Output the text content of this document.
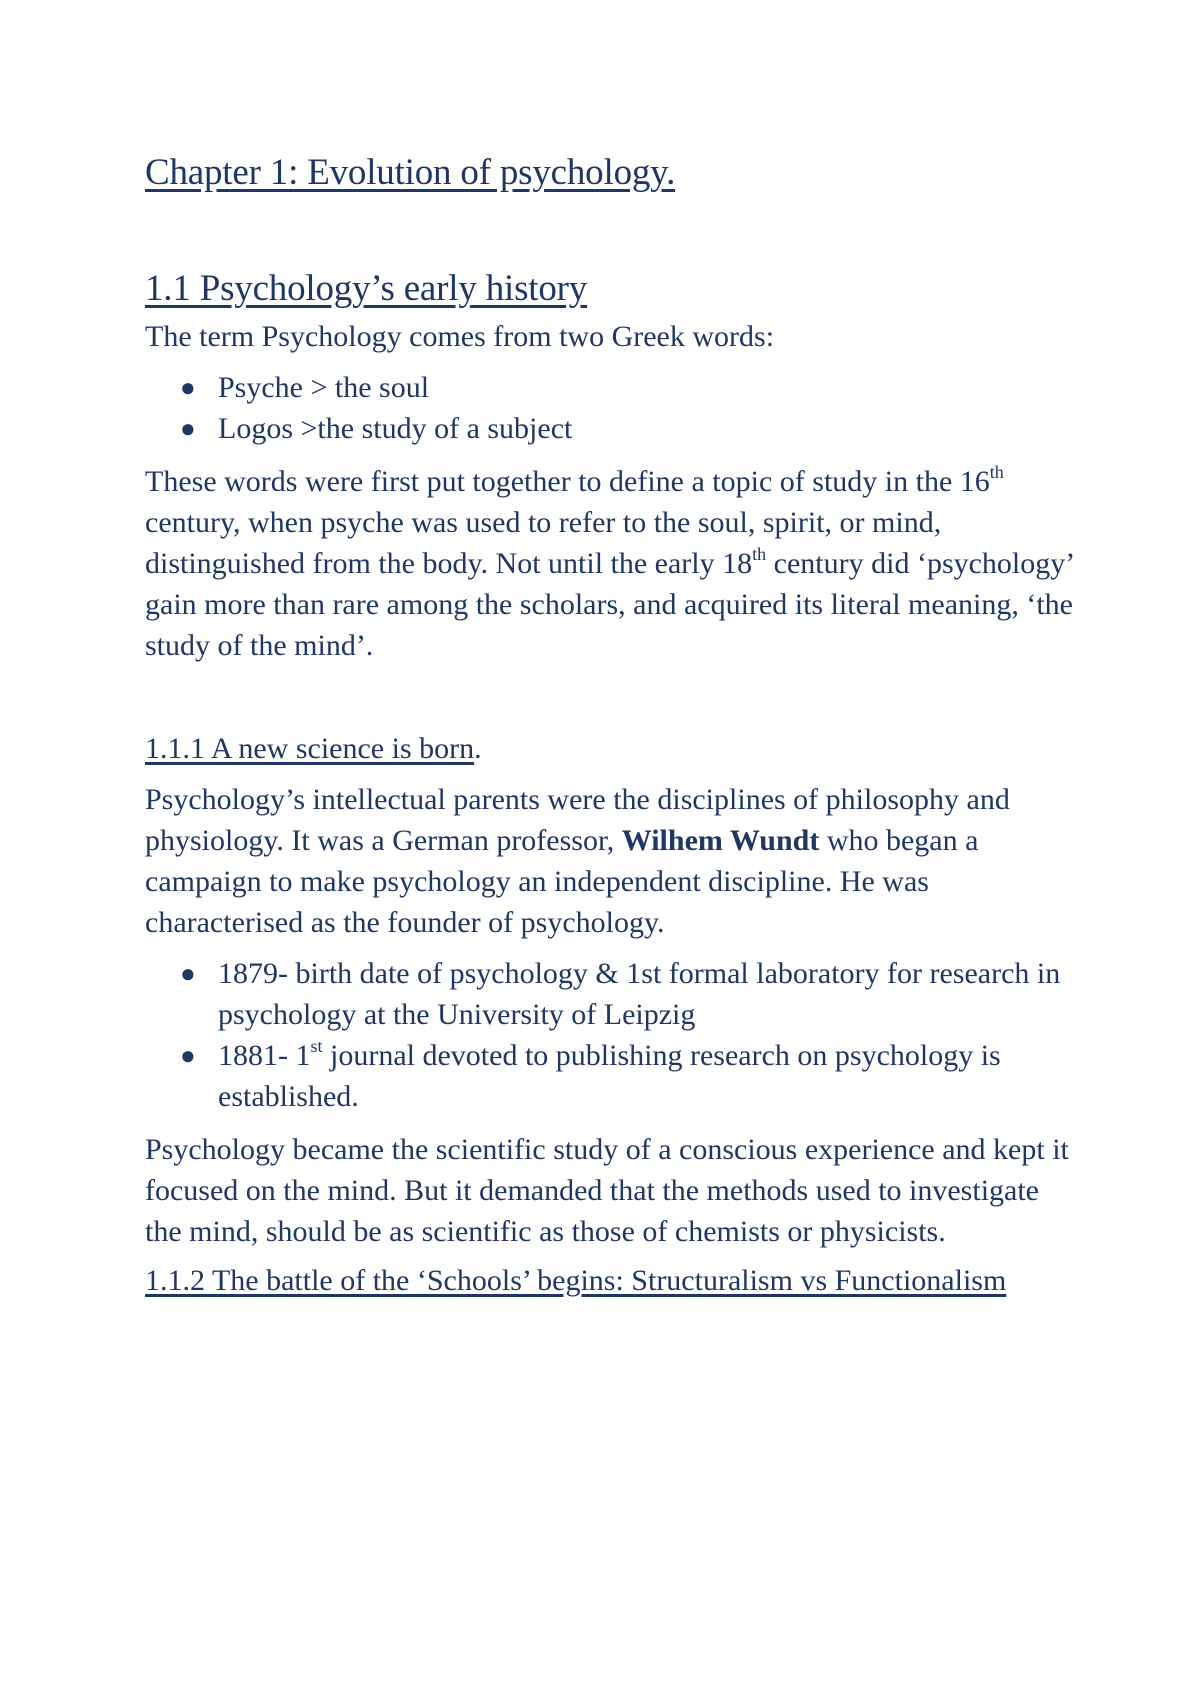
Chapter 1: Evolution of psychology.
1.1 Psychology’s early history

The term Psychology comes from two Greek words:

● Psyche > the soul
● Logos >the study of a subject

These words were first put together to define a topic of study in the 16th century, when psyche was used to refer to the soul, spirit, or mind, distinguished from the body. Not until the early 18th century did ‘psychology’ gain more than rare among the scholars, and acquired its literal meaning, ‘the study of the mind’.

1.1.1 A new science is born.

Psychology’s intellectual parents were the disciplines of philosophy and physiology. It was a German professor, Wilhem Wundt who began a campaign to make psychology an independent discipline. He was characterised as the founder of psychology.

● 1879- birth date of psychology & 1st formal laboratory for research in psychology at the University of Leipzig
● 1881- 1st journal devoted to publishing research on psychology is established.

Psychology became the scientific study of a conscious experience and kept it focused on the mind. But it demanded that the methods used to investigate the mind, should be as scientific as those of chemists or physicists.

1.1.2 The battle of the ‘Schools’ begins: Structuralism vs Functionalism
